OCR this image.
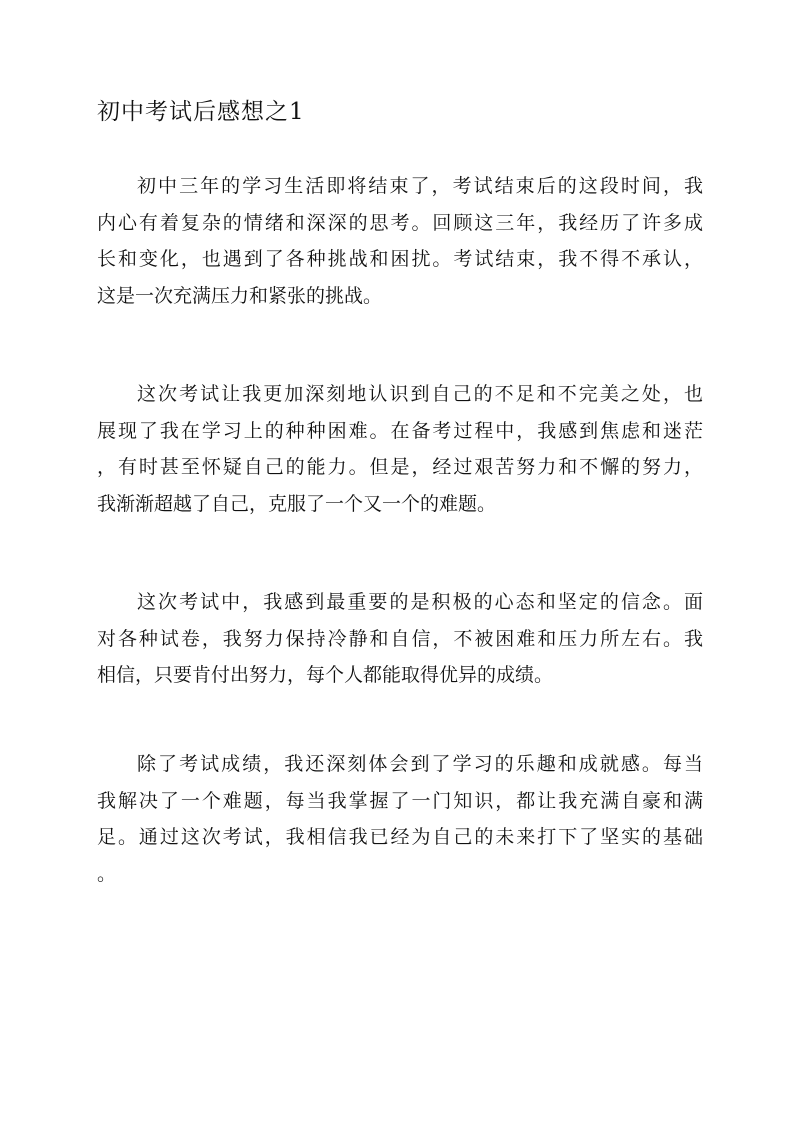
初中考试后感想之1

初中三年的学习生活即将结束了，考试结束后的这段时间，我
内心有着复杂的情绪和深深的思考。回顾这三年，我经历了许多成
长和变化，也遇到了各种挑战和困扰。考试结束，我不得不承认，
这是一次充满压力和紧张的挑战。

这次考试让我更加深刻地认识到自己的不足和不完美之处，也
展现了我在学习上的种种困难。在备考过程中，我感到焦虑和迷茫
，有时甚至怀疑自己的能力。但是，经过艰苦努力和不懈的努力，
我渐渐超越了自己，克服了一个又一个的难题。

这次考试中，我感到最重要的是积极的心态和坚定的信念。面
对各种试卷，我努力保持冷静和自信，不被困难和压力所左右。我
相信，只要肯付出努力，每个人都能取得优异的成绩。

除了考试成绩，我还深刻体会到了学习的乐趣和成就感。每当
我解决了一个难题，每当我掌握了一门知识，都让我充满自豪和满
足。通过这次考试，我相信我已经为自己的未来打下了坚实的基础
。
